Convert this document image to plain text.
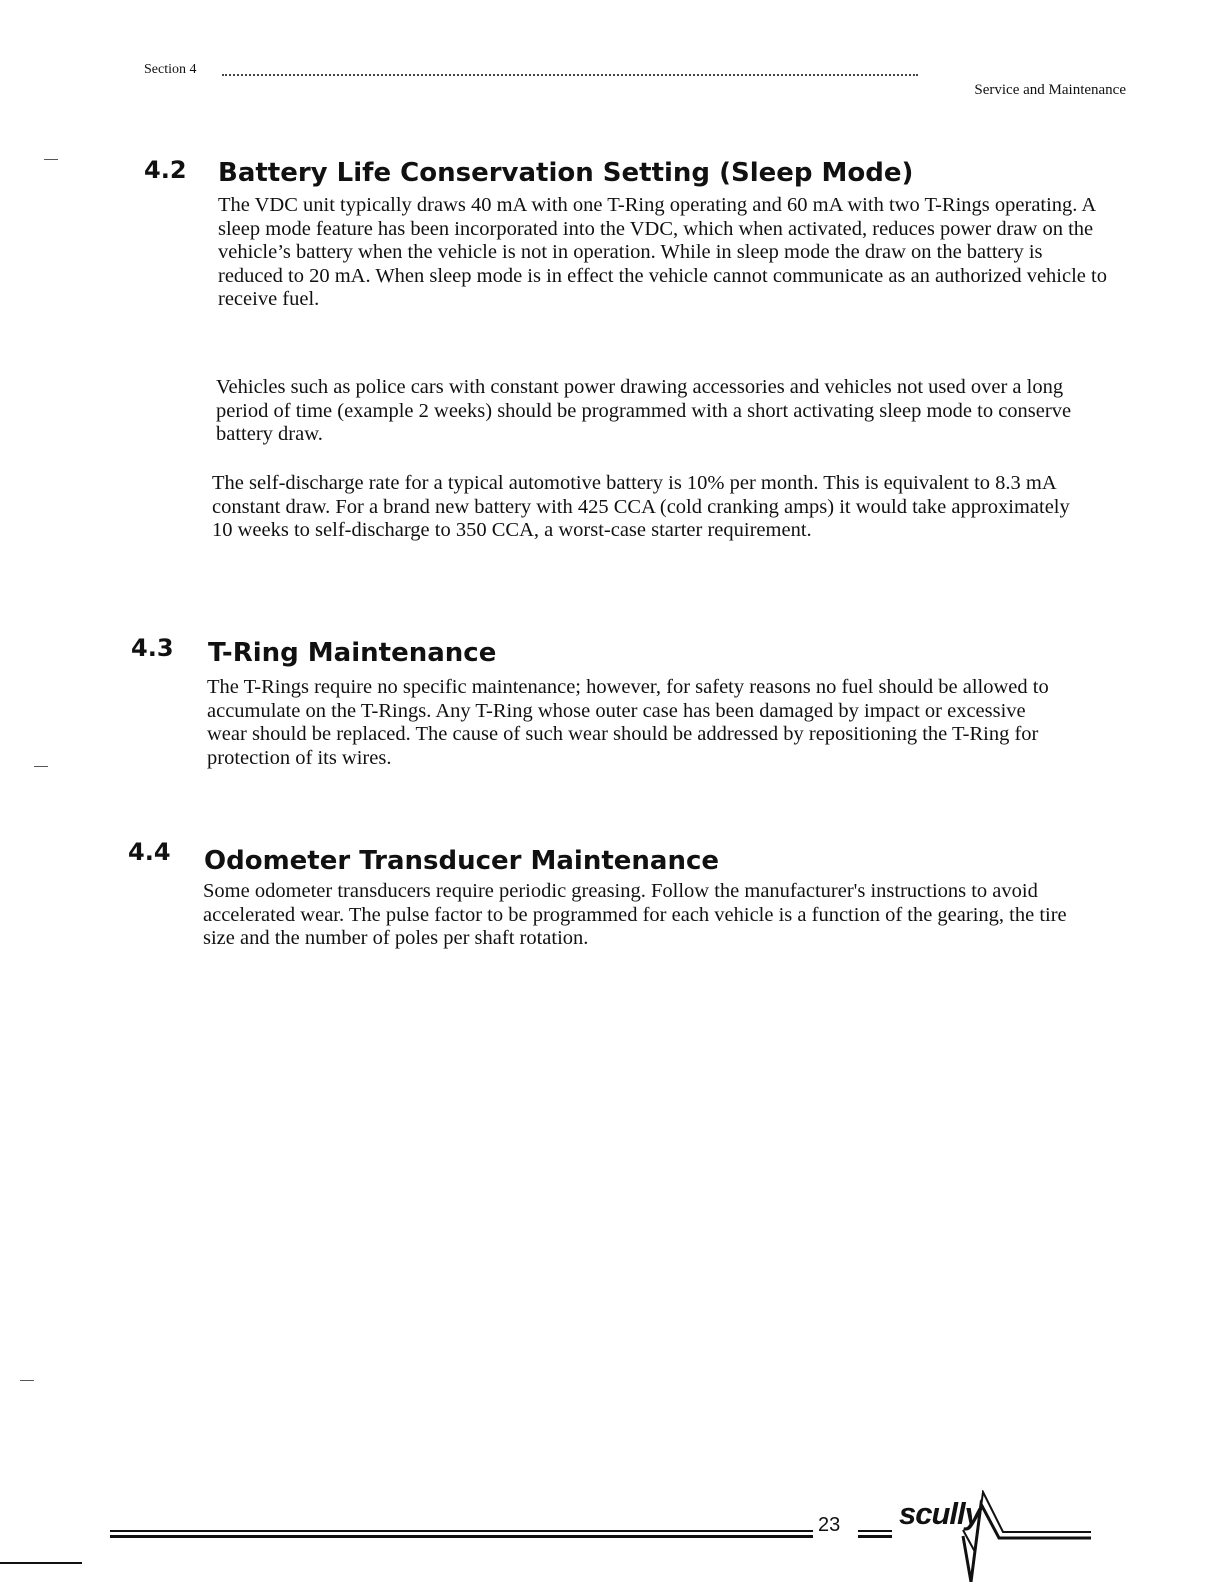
Section 4
Service and Maintenance
4.2 Battery Life Conservation Setting (Sleep Mode)

The VDC unit typically draws 40 mA with one T-Ring operating and 60 mA with two T-Rings operating. A sleep mode feature has been incorporated into the VDC, which when activated, reduces power draw on the vehicle’s battery when the vehicle is not in operation. While in sleep mode the draw on the battery is reduced to 20 mA. When sleep mode is in effect the vehicle cannot communicate as an authorized vehicle to receive fuel.

Vehicles such as police cars with constant power drawing accessories and vehicles not used over a long period of time (example 2 weeks) should be programmed with a short activating sleep mode to conserve battery draw.

The self-discharge rate for a typical automotive battery is 10% per month. This is equivalent to 8.3 mA constant draw. For a brand new battery with 425 CCA (cold cranking amps) it would take approximately 10 weeks to self-discharge to 350 CCA, a worst-case starter requirement.

4.3 T-Ring Maintenance

The T-Rings require no specific maintenance; however, for safety reasons no fuel should be allowed to accumulate on the T-Rings. Any T-Ring whose outer case has been damaged by impact or excessive wear should be replaced. The cause of such wear should be addressed by repositioning the T-Ring for protection of its wires.

4.4 Odometer Transducer Maintenance

Some odometer transducers require periodic greasing. Follow the manufacturer's instructions to avoid accelerated wear. The pulse factor to be programmed for each vehicle is a function of the gearing, the tire size and the number of poles per shaft rotation.

23 scully
